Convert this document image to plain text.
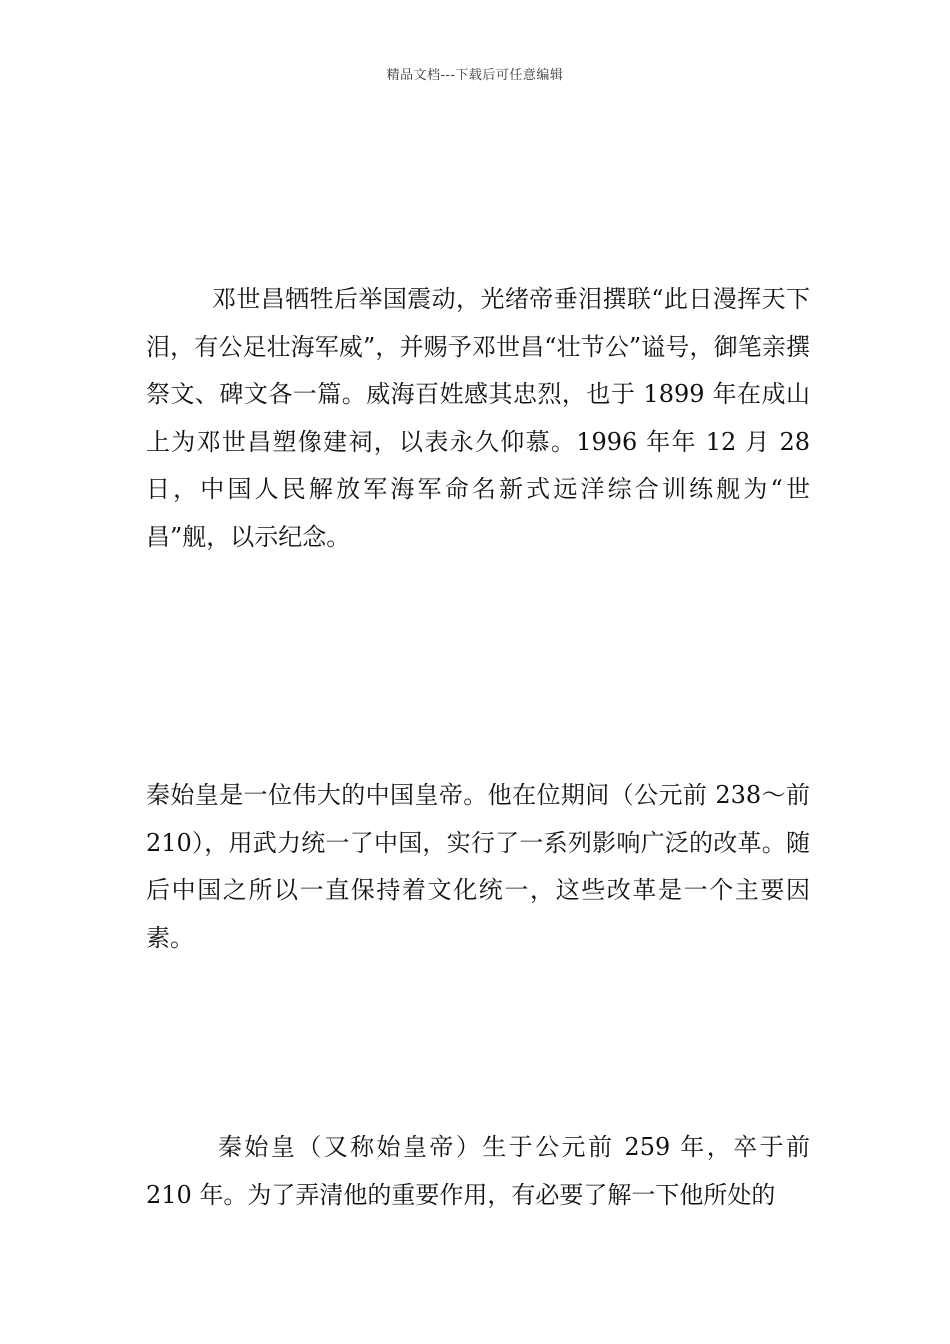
精品文档---下载后可任意编辑

邓世昌牺牲后举国震动，光绪帝垂泪撰联“此日漫挥天下泪，有公足壮海军威”，并赐予邓世昌“壮节公”谥号，御笔亲撰祭文、碑文各一篇。威海百姓感其忠烈，也于 1899 年在成山上为邓世昌塑像建祠，以表永久仰慕。1996 年年 12 月 28 日，中国人民解放军海军命名新式远洋综合训练舰为“世昌”舰，以示纪念。

秦始皇是一位伟大的中国皇帝。他在位期间（公元前 238～前 210），用武力统一了中国，实行了一系列影响广泛的改革。随后中国之所以一直保持着文化统一，这些改革是一个主要因素。

秦始皇（又称始皇帝）生于公元前 259 年，卒于前 210 年。为了弄清他的重要作用，有必要了解一下他所处的
